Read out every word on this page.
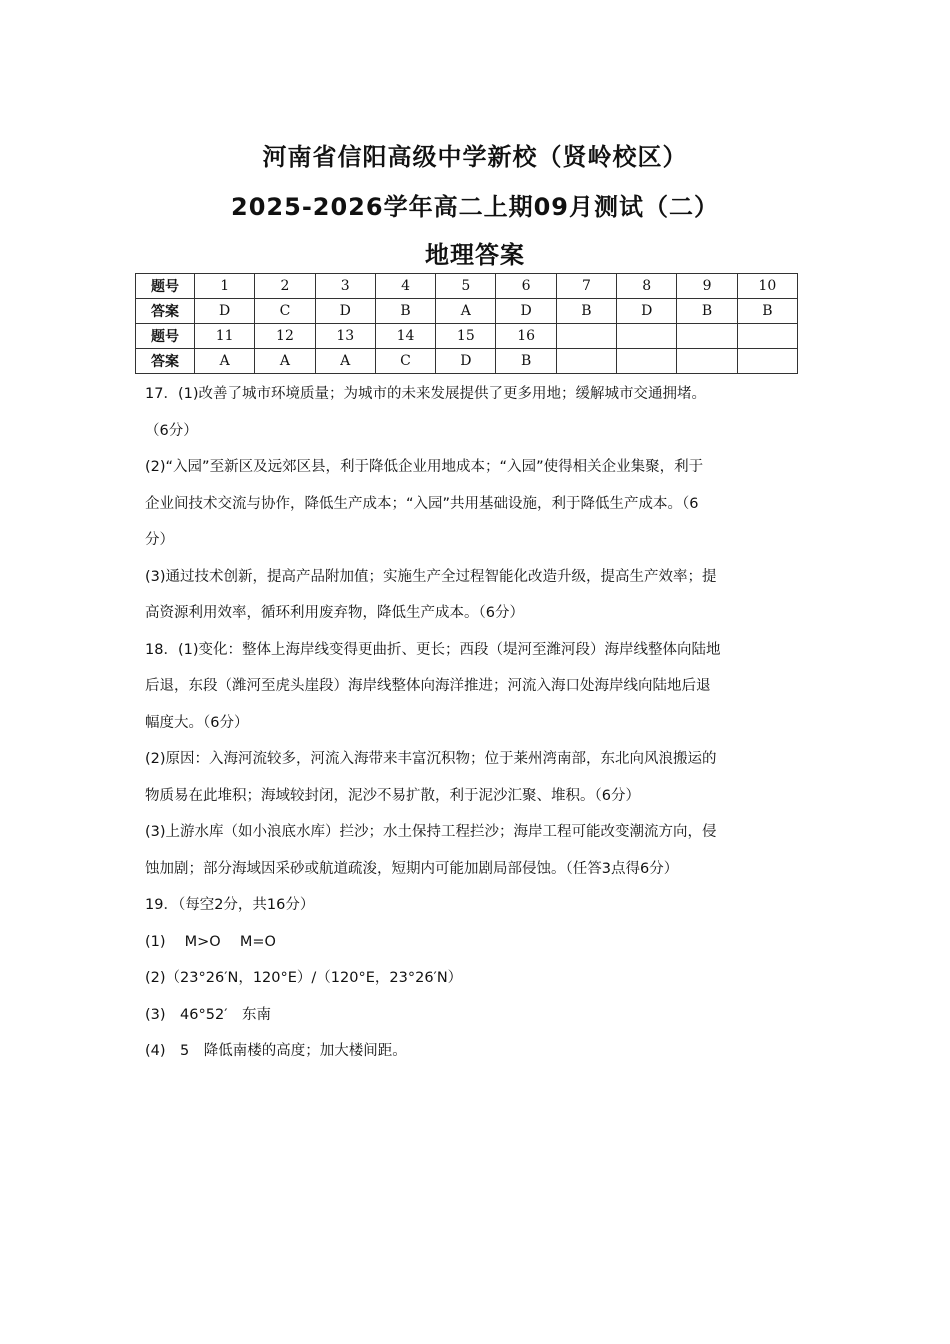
河南省信阳高级中学新校（贤岭校区）
2025-2026学年高二上期09月测试（二）
地理答案
题号	1	2	3	4	5	6	7	8	9	10
答案	D	C	D	B	A	D	B	D	B	B
题号	11	12	13	14	15	16				
答案	A	A	A	C	D	B				

17．(1)改善了城市环境质量；为城市的未来发展提供了更多用地；缓解城市交通拥堵。

（6分）

(2)“入园”至新区及远郊区县，利于降低企业用地成本；“入园”使得相关企业集聚，利于

企业间技术交流与协作，降低生产成本；“入园”共用基础设施，利于降低生产成本。（6

分）

(3)通过技术创新，提高产品附加值；实施生产全过程智能化改造升级，提高生产效率；提

高资源利用效率，循环利用废弃物，降低生产成本。（6分）

18．(1)变化：整体上海岸线变得更曲折、更长；西段（堤河至潍河段）海岸线整体向陆地

后退，东段（潍河至虎头崖段）海岸线整体向海洋推进；河流入海口处海岸线向陆地后退

幅度大。（6分）

(2)原因：入海河流较多，河流入海带来丰富沉积物；位于莱州湾南部，东北向风浪搬运的

物质易在此堆积；海域较封闭，泥沙不易扩散，利于泥沙汇聚、堆积。（6分）

(3)上游水库（如小浪底水库）拦沙；水土保持工程拦沙；海岸工程可能改变潮流方向，侵

蚀加剧；部分海域因采砂或航道疏浚，短期内可能加剧局部侵蚀。（任答3点得6分）

19．（每空2分，共16分）

(1)　 M>O　 M=O

(2)（23°26′N，120°E）/（120°E，23°26′N）

(3)　46°52′　东南

(4)　5　降低南楼的高度；加大楼间距。
